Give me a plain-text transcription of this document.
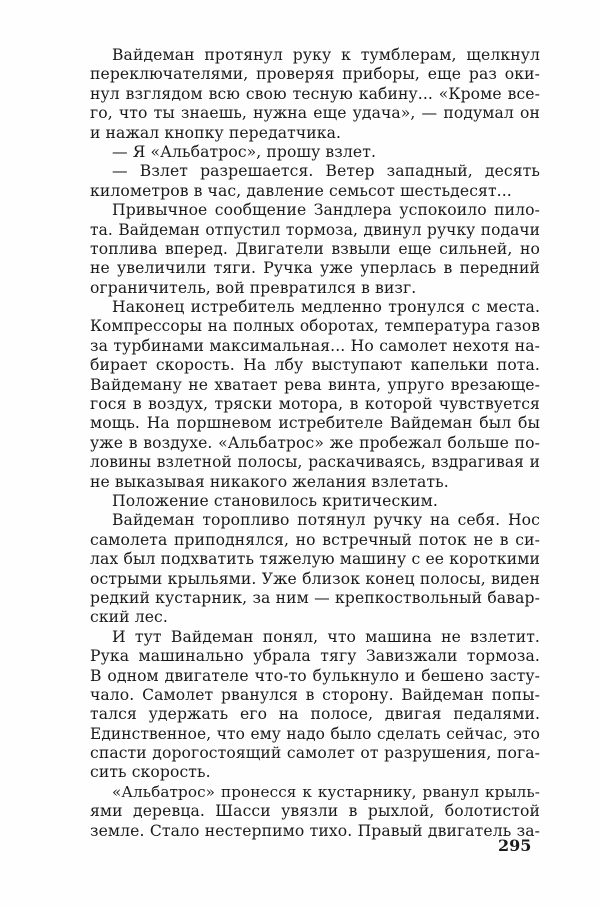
Вайдеман протянул руку к тумблерам, щелкнул
переключателями, проверяя приборы, еще раз оки-
нул взглядом всю свою тесную кабину... «Кроме все-
го, что ты знаешь, нужна еще удача», — подумал он
и нажал кнопку передатчика.
— Я «Альбатрос», прошу взлет.
— Взлет разрешается. Ветер западный, десять
километров в час, давление семьсот шестьдесят...
Привычное сообщение Зандлера успокоило пило-
та. Вайдеман отпустил тормоза, двинул ручку подачи
топлива вперед. Двигатели взвыли еще сильней, но
не увеличили тяги. Ручка уже уперлась в передний
ограничитель, вой превратился в визг.
Наконец истребитель медленно тронулся с места.
Компрессоры на полных оборотах, температура газов
за турбинами максимальная... Но самолет нехотя на-
бирает скорость. На лбу выступают капельки пота.
Вайдеману не хватает рева винта, упруго врезающе-
гося в воздух, тряски мотора, в которой чувствуется
мощь. На поршневом истребителе Вайдеман был бы
уже в воздухе. «Альбатрос» же пробежал больше по-
ловины взлетной полосы, раскачиваясь, вздрагивая и
не выказывая никакого желания взлетать.
Положение становилось критическим.
Вайдеман торопливо потянул ручку на себя. Нос
самолета приподнялся, но встречный поток не в си-
лах был подхватить тяжелую машину с ее короткими
острыми крыльями. Уже близок конец полосы, виден
редкий кустарник, за ним — крепкоствольный бавар-
ский лес.
И тут Вайдеман понял, что машина не взлетит.
Рука машинально убрала тягу Завизжали тормоза.
В одном двигателе что-то булькнуло и бешено засту-
чало. Самолет рванулся в сторону. Вайдеман попы-
тался удержать его на полосе, двигая педалями.
Единственное, что ему надо было сделать сейчас, это
спасти дорогостоящий самолет от разрушения, пога-
сить скорость.
«Альбатрос» пронесся к кустарнику, рванул крыль-
ями деревца. Шасси увязли в рыхлой, болотистой
земле. Стало нестерпимо тихо. Правый двигатель за-
295
